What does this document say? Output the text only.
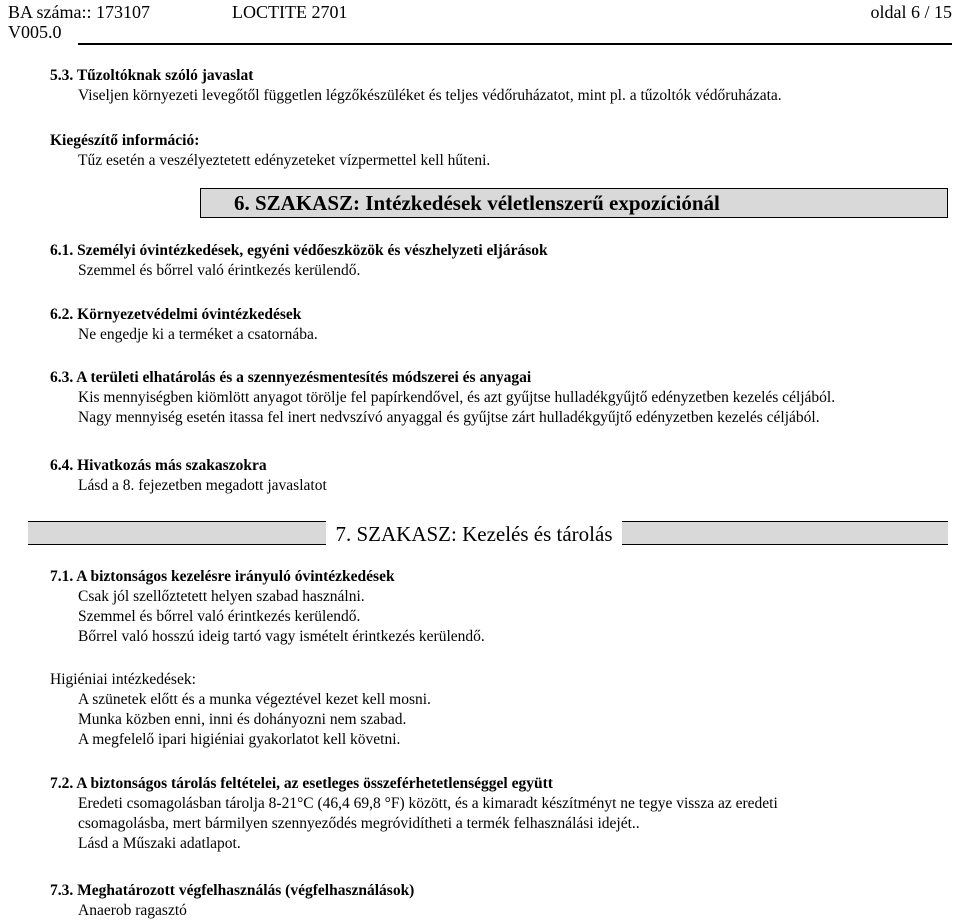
BA száma:: 173107	LOCTITE 2701	oldal 6 / 15
V005.0
5.3. Tűzoltóknak szóló javaslat
Viseljen környezeti levegőtől független légzőkészüléket és teljes védőruházatot, mint pl. a tűzoltók védőruházata.
Kiegészítő információ:
Tűz esetén a veszélyeztetett edényzeteket vízpermettel kell hűteni.
6. SZAKASZ: Intézkedések véletlenszerű expozíciónál
6.1. Személyi óvintézkedések, egyéni védőeszközök és vészhelyzeti eljárások
Szemmel és bőrrel való érintkezés kerülendő.
6.2. Környezetvédelmi óvintézkedések
Ne engedje ki a terméket a csatornába.
6.3. A területi elhatárolás és a szennyezésmentesítés módszerei és anyagai
Kis mennyiségben kiömlött anyagot törölje fel papírkendővel, és azt gyűjtse hulladékgyűjtő edényzetben kezelés céljából.
Nagy mennyiség esetén itassa fel inert nedvszívó anyaggal és gyűjtse zárt hulladékgyűjtő edényzetben kezelés céljából.
6.4. Hivatkozás más szakaszokra
Lásd a 8. fejezetben megadott javaslatot
7. SZAKASZ: Kezelés és tárolás
7.1. A biztonságos kezelésre irányuló óvintézkedések
Csak jól szellőztetett helyen szabad használni.
Szemmel és bőrrel való érintkezés kerülendő.
Bőrrel való hosszú ideig tartó vagy ismételt érintkezés kerülendő.
Higiéniai intézkedések:
A szünetek előtt és a munka végeztével kezet kell mosni.
Munka közben enni, inni és dohányozni nem szabad.
A megfelelő ipari higiéniai gyakorlatot kell követni.
7.2. A biztonságos tárolás feltételei, az esetleges összeférhetetlenséggel együtt
Eredeti csomagolásban tárolja 8-21°C (46,4 69,8 °F) között, és a kimaradt készítményt ne tegye vissza az eredeti
csomagolásba, mert bármilyen szennyeződés megróvidítheti a termék felhasználási idejét..
Lásd a Műszaki adatlapot.
7.3. Meghatározott végfelhasználás (végfelhasználások)
Anaerob ragasztó
